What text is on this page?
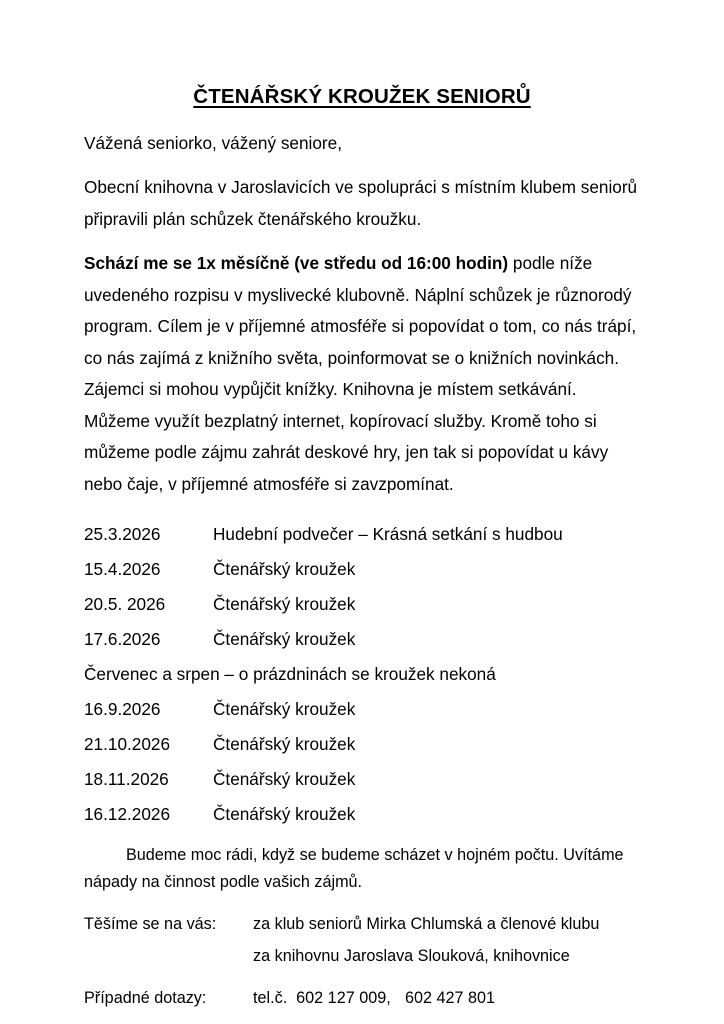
ČTENÁŘSKÝ KROUŽEK SENIORŮ

Vážená seniorko, vážený seniore,

Obecní knihovna v Jaroslavicích ve spolupráci s místním klubem seniorů připravili plán schůzek čtenářského kroužku.

Schází me se 1x měsíčně (ve středu od 16:00 hodin) podle níže uvedeného rozpisu v myslivecké klubovně. Náplní schůzek je různorodý program. Cílem je v příjemné atmosféře si popovídat o tom, co nás trápí, co nás zajímá z knižního světa, poinformovat se o knižních novinkách. Zájemci si mohou vypůjčit knížky. Knihovna je místem setkávání. Můžeme využít bezplatný internet, kopírovací služby. Kromě toho si můžeme podle zájmu zahrát deskové hry, jen tak si popovídat u kávy nebo čaje, v příjemné atmosféře si zavzpomínat.

25.3.2026	Hudební podvečer – Krásná setkání s hudbou
15.4.2026	Čtenářský kroužek
20.5. 2026	Čtenářský kroužek
17.6.2026	Čtenářský kroužek
Červenec a srpen – o prázdninách se kroužek nekoná
16.9.2026	Čtenářský kroužek
21.10.2026	Čtenářský kroužek
18.11.2026	Čtenářský kroužek
16.12.2026	Čtenářský kroužek

Budeme moc rádi, když se budeme scházet v hojném počtu. Uvítáme nápady na činnost podle vašich zájmů.

Těšíme se na vás:	za klub seniorů Mirka Chlumská a členové klubu
za knihovnu Jaroslava Slouková, knihovnice
Případné dotazy:	tel.č.  602 127 009, 602 427 801
